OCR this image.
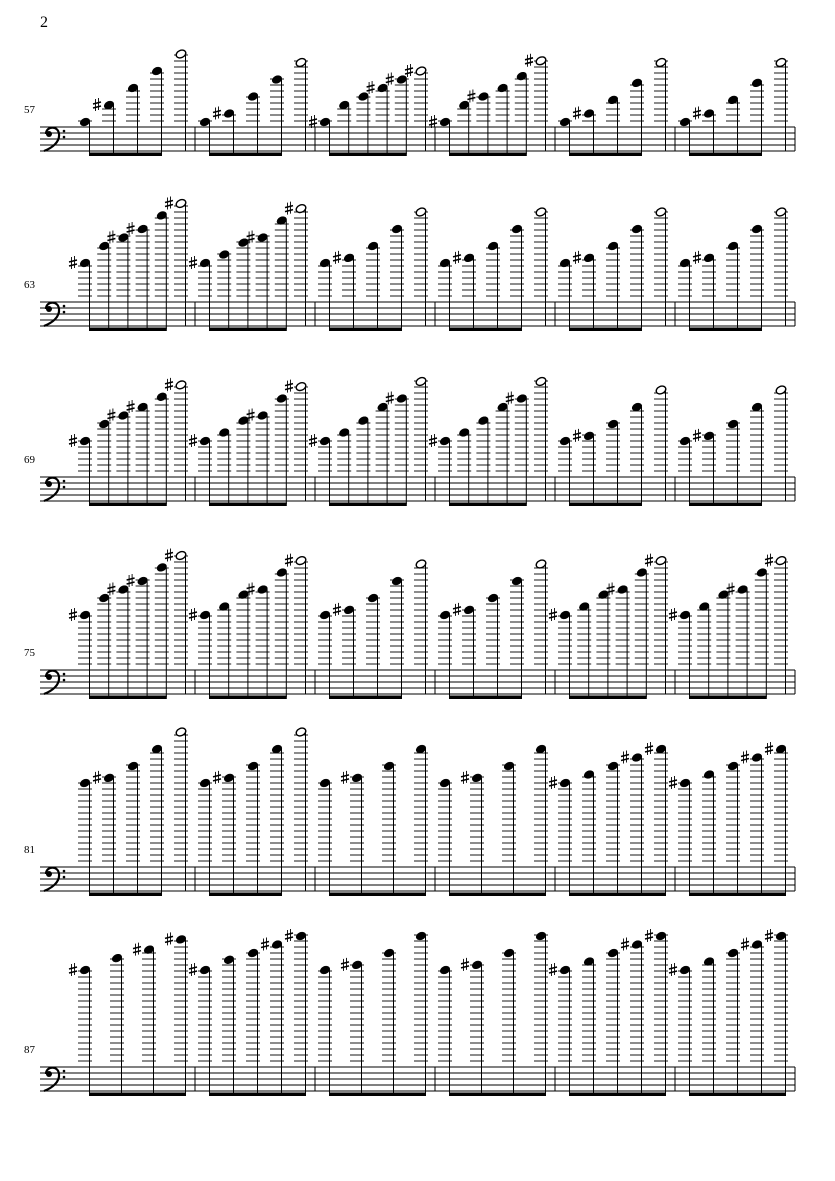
2
57
63
69
75
81
87
